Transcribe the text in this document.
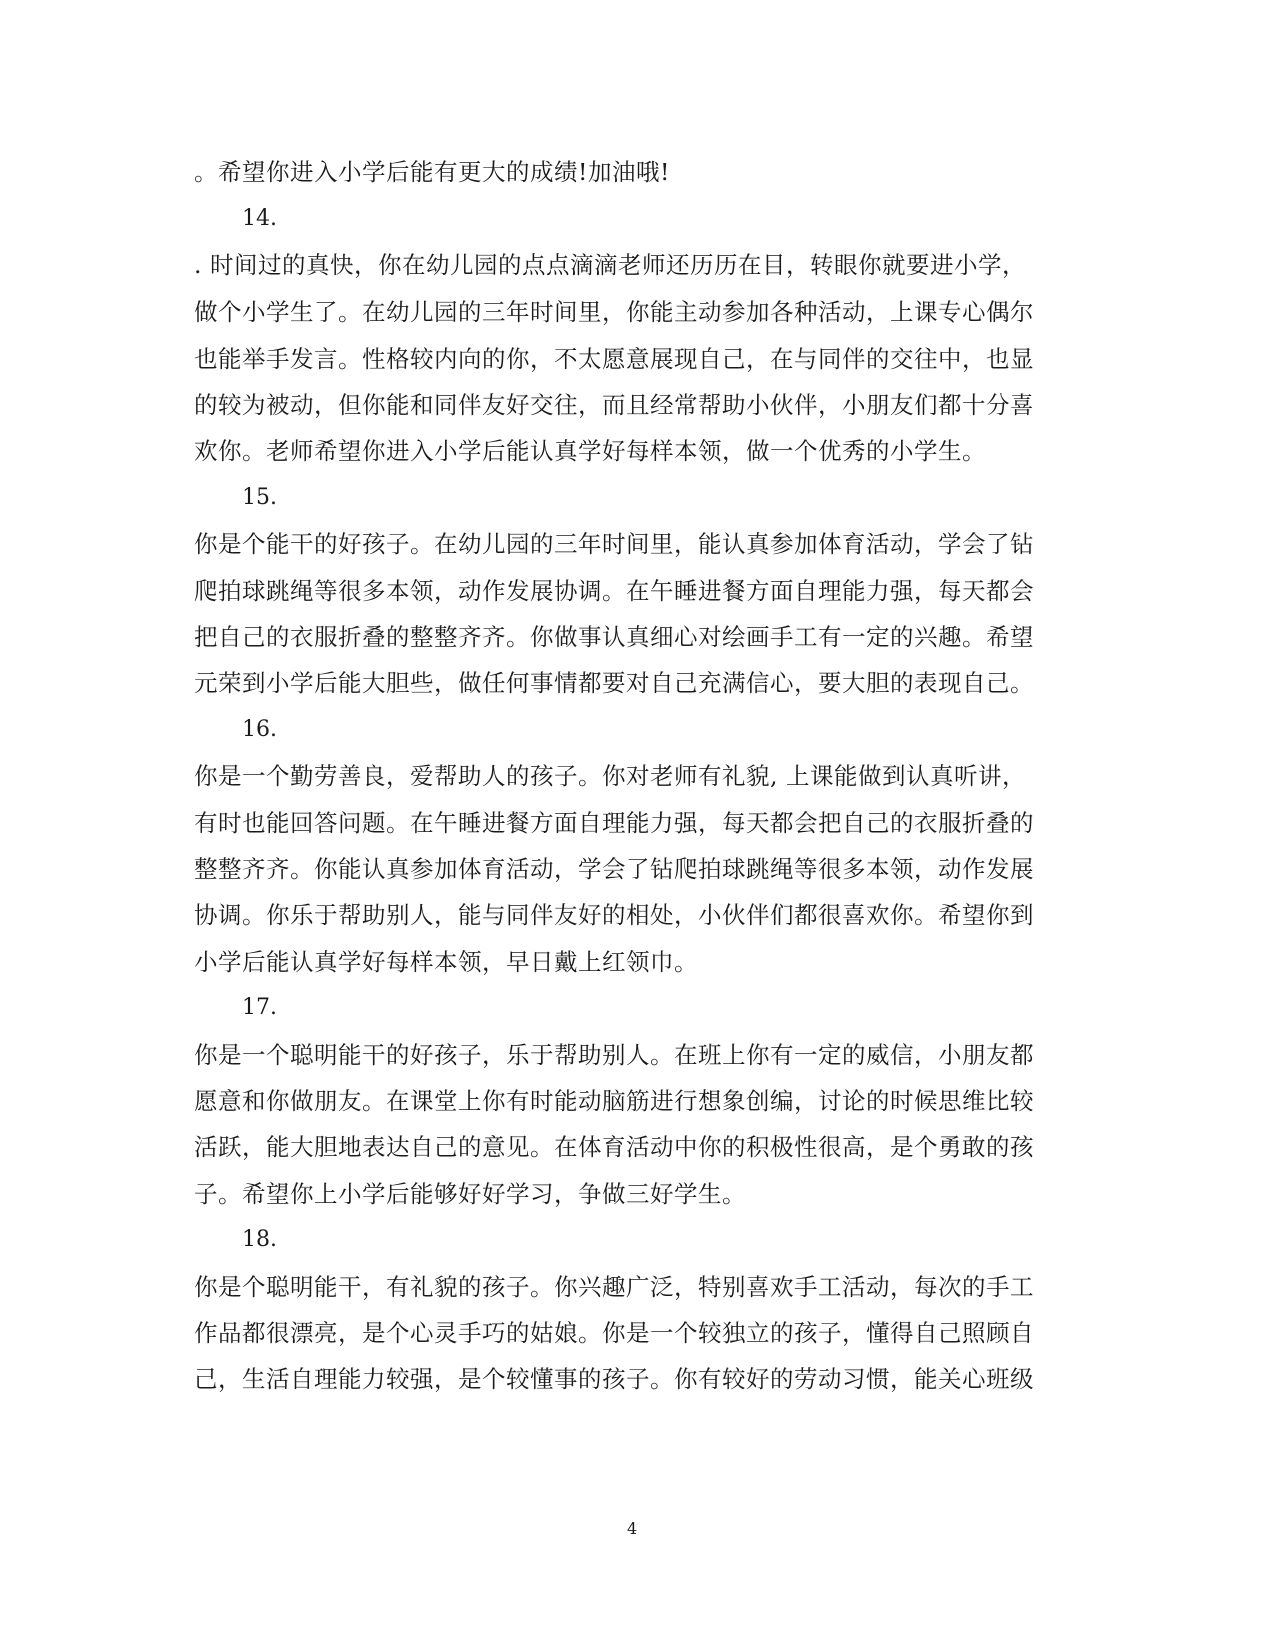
。希望你进入小学后能有更大的成绩!加油哦!
14.
. 时间过的真快，你在幼儿园的点点滴滴老师还历历在目，转眼你就要进小学，
做个小学生了。在幼儿园的三年时间里，你能主动参加各种活动，上课专心偶尔
也能举手发言。性格较内向的你，不太愿意展现自己，在与同伴的交往中，也显
的较为被动，但你能和同伴友好交往，而且经常帮助小伙伴，小朋友们都十分喜
欢你。老师希望你进入小学后能认真学好每样本领，做一个优秀的小学生。
15.
你是个能干的好孩子。在幼儿园的三年时间里，能认真参加体育活动，学会了钻
爬拍球跳绳等很多本领，动作发展协调。在午睡进餐方面自理能力强，每天都会
把自己的衣服折叠的整整齐齐。你做事认真细心对绘画手工有一定的兴趣。希望
元荣到小学后能大胆些，做任何事情都要对自己充满信心，要大胆的表现自己。
16.
你是一个勤劳善良，爱帮助人的孩子。你对老师有礼貌, 上课能做到认真听讲，
有时也能回答问题。在午睡进餐方面自理能力强，每天都会把自己的衣服折叠的
整整齐齐。你能认真参加体育活动，学会了钻爬拍球跳绳等很多本领，动作发展
协调。你乐于帮助别人，能与同伴友好的相处，小伙伴们都很喜欢你。希望你到
小学后能认真学好每样本领，早日戴上红领巾。
17.
你是一个聪明能干的好孩子，乐于帮助别人。在班上你有一定的威信，小朋友都
愿意和你做朋友。在课堂上你有时能动脑筋进行想象创编，讨论的时候思维比较
活跃，能大胆地表达自己的意见。在体育活动中你的积极性很高，是个勇敢的孩
子。希望你上小学后能够好好学习，争做三好学生。
18.
你是个聪明能干，有礼貌的孩子。你兴趣广泛，特别喜欢手工活动，每次的手工
作品都很漂亮，是个心灵手巧的姑娘。你是一个较独立的孩子，懂得自己照顾自
己，生活自理能力较强，是个较懂事的孩子。你有较好的劳动习惯，能关心班级
4
